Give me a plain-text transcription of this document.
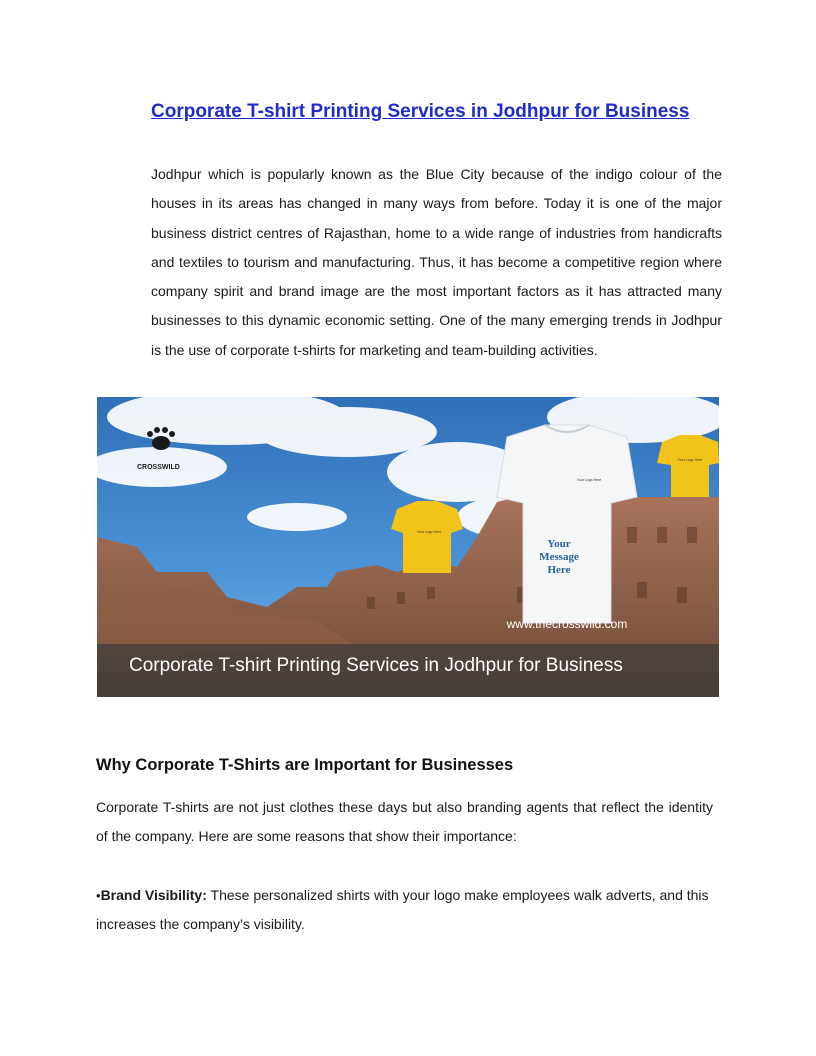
Corporate T-shirt Printing Services in Jodhpur for Business

Jodhpur which is popularly known as the Blue City because of the indigo colour of the houses in its areas has changed in many ways from before. Today it is one of the major business district centres of Rajasthan, home to a wide range of industries from handicrafts and textiles to tourism and manufacturing. Thus, it has become a competitive region where company spirit and brand image are the most important factors as it has attracted many businesses to this dynamic economic setting. One of the many emerging trends in Jodhpur is the use of corporate t-shirts for marketing and team-building activities.

CROSSWILD
Your Logo Here
Your Logo Here
Your
Message
Here
Your Logo Here
www.thecrosswild.com
Corporate T-shirt Printing Services in Jodhpur for Business
Why Corporate T-Shirts are Important for Businesses

Corporate T-shirts are not just clothes these days but also branding agents that reflect the identity of the company. Here are some reasons that show their importance:

•Brand Visibility: These personalized shirts with your logo make employees walk adverts, and this increases the company’s visibility.
